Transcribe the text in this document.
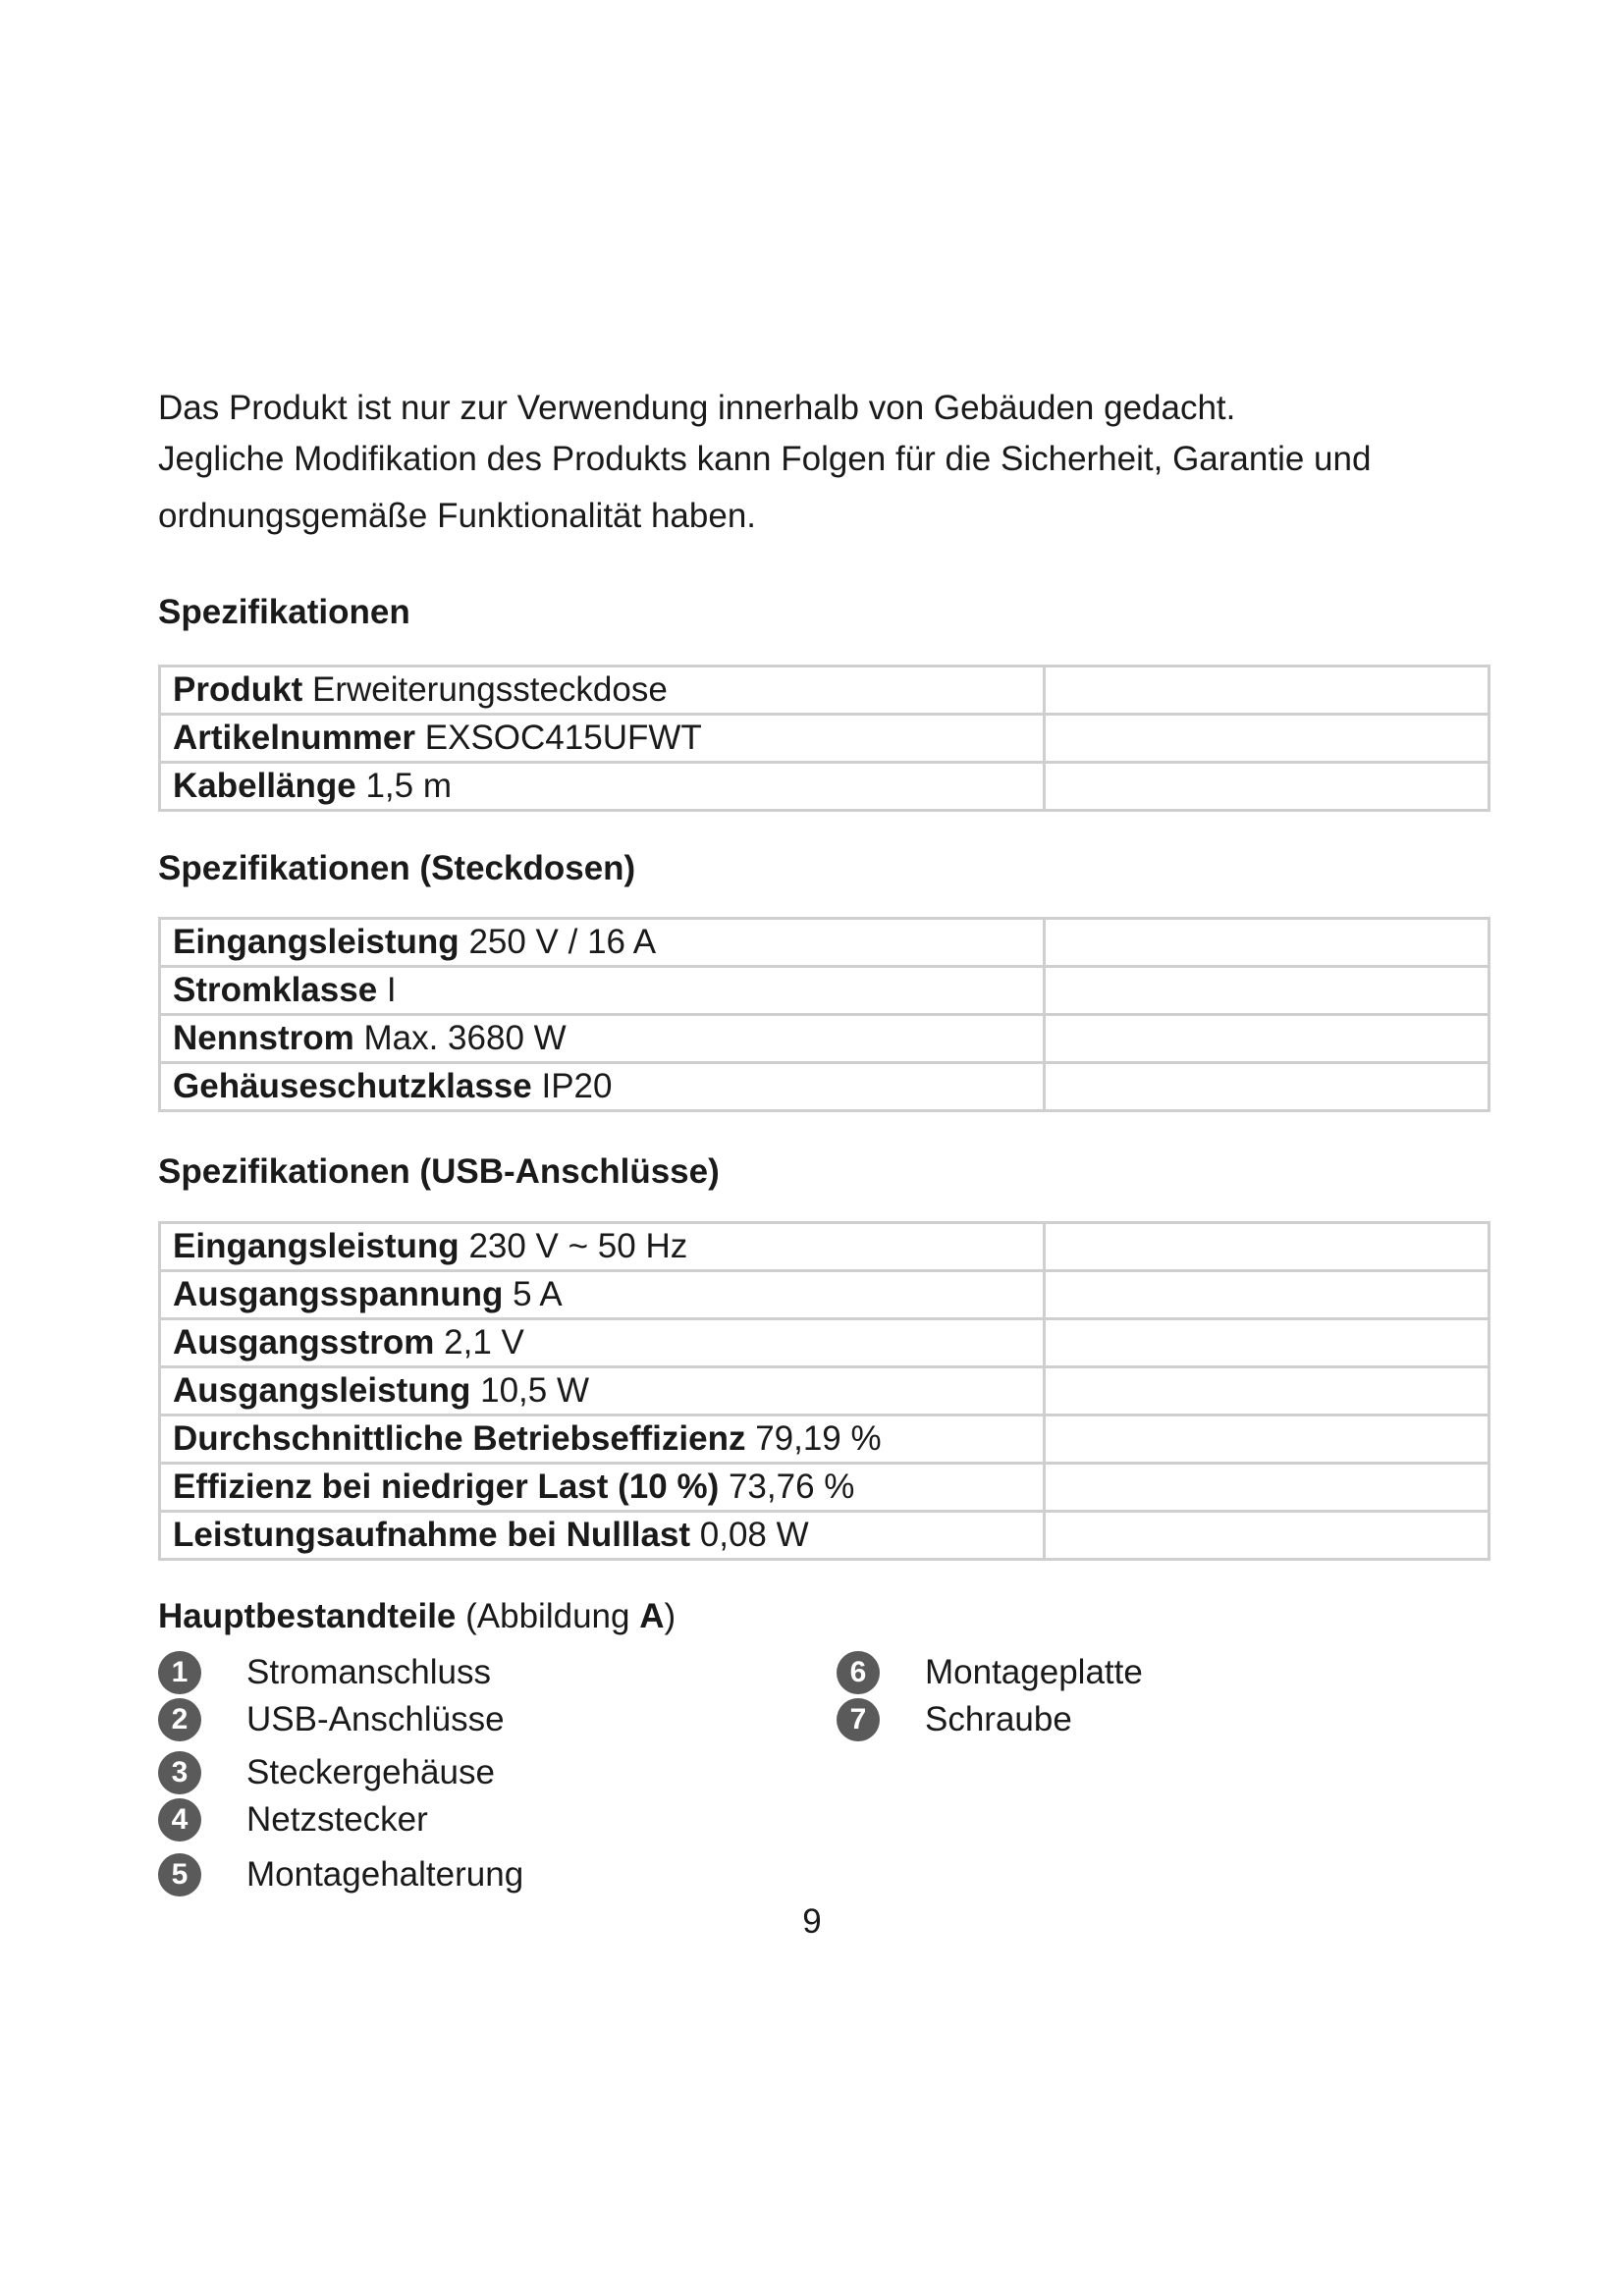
Das Produkt ist nur zur Verwendung innerhalb von Gebäuden gedacht.
Jegliche Modifikation des Produkts kann Folgen für die Sicherheit, Garantie und
ordnungsgemäße Funktionalität haben.
Spezifikationen
Produkt Erweiterungssteckdose	
Artikelnummer EXSOC415UFWT	
Kabellänge 1,5 m	
Spezifikationen (Steckdosen)
Eingangsleistung 250 V / 16 A	
Stromklasse I	
Nennstrom Max. 3680 W	
Gehäuseschutzklasse IP20	
Spezifikationen (USB-Anschlüsse)
Eingangsleistung 230 V ~ 50 Hz	
Ausgangsspannung 5 A	
Ausgangsstrom 2,1 V	
Ausgangsleistung 10,5 W	
Durchschnittliche Betriebseffizienz 79,19 %	
Effizienz bei niedriger Last (10 %) 73,76 %	
Leistungsaufnahme bei Nulllast 0,08 W	
Hauptbestandteile (Abbildung A)
1	Stromanschluss
2	USB-Anschlüsse
3	Steckergehäuse
4	Netzstecker
5	Montagehalterung
6	Montageplatte
7	Schraube
9
